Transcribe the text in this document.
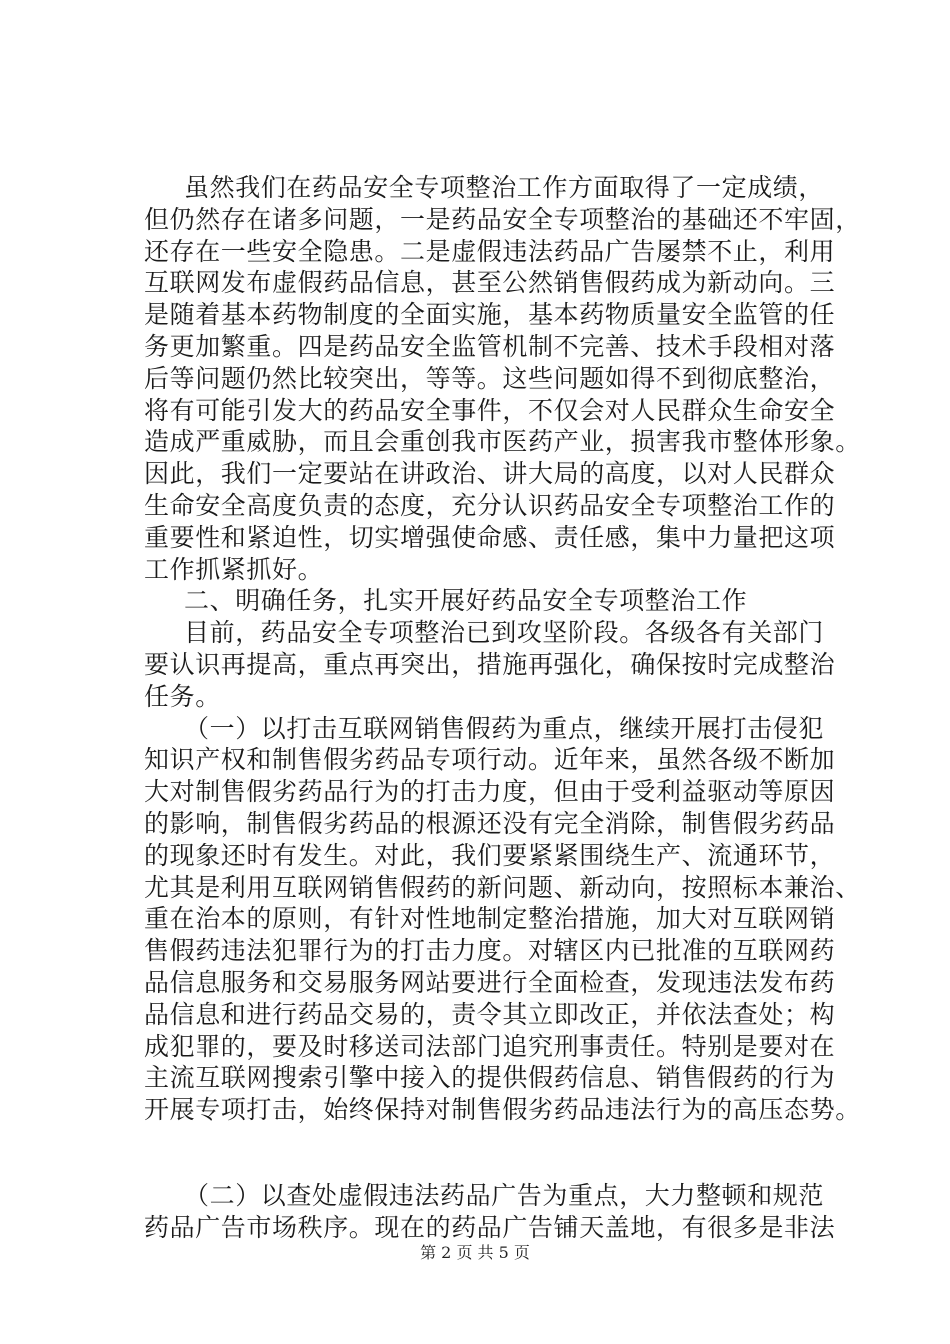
虽然我们在药品安全专项整治工作方面取得了一定成绩，
但仍然存在诸多问题，一是药品安全专项整治的基础还不牢固，
还存在一些安全隐患。二是虚假违法药品广告屡禁不止，利用
互联网发布虚假药品信息，甚至公然销售假药成为新动向。三
是随着基本药物制度的全面实施，基本药物质量安全监管的任
务更加繁重。四是药品安全监管机制不完善、技术手段相对落
后等问题仍然比较突出，等等。这些问题如得不到彻底整治，
将有可能引发大的药品安全事件，不仅会对人民群众生命安全
造成严重威胁，而且会重创我市医药产业，损害我市整体形象。
因此，我们一定要站在讲政治、讲大局的高度，以对人民群众
生命安全高度负责的态度，充分认识药品安全专项整治工作的
重要性和紧迫性，切实增强使命感、责任感，集中力量把这项
工作抓紧抓好。
二、明确任务，扎实开展好药品安全专项整治工作
目前，药品安全专项整治已到攻坚阶段。各级各有关部门
要认识再提高，重点再突出，措施再强化，确保按时完成整治
任务。
（一）以打击互联网销售假药为重点，继续开展打击侵犯
知识产权和制售假劣药品专项行动。近年来，虽然各级不断加
大对制售假劣药品行为的打击力度，但由于受利益驱动等原因
的影响，制售假劣药品的根源还没有完全消除，制售假劣药品
的现象还时有发生。对此，我们要紧紧围绕生产、流通环节，
尤其是利用互联网销售假药的新问题、新动向，按照标本兼治、
重在治本的原则，有针对性地制定整治措施，加大对互联网销
售假药违法犯罪行为的打击力度。对辖区内已批准的互联网药
品信息服务和交易服务网站要进行全面检查，发现违法发布药
品信息和进行药品交易的，责令其立即改正，并依法查处；构
成犯罪的，要及时移送司法部门追究刑事责任。特别是要对在
主流互联网搜索引擎中接入的提供假药信息、销售假药的行为
开展专项打击，始终保持对制售假劣药品违法行为的高压态势。
（二）以查处虚假违法药品广告为重点，大力整顿和规范
药品广告市场秩序。现在的药品广告铺天盖地，有很多是非法
第 2 页 共 5 页
